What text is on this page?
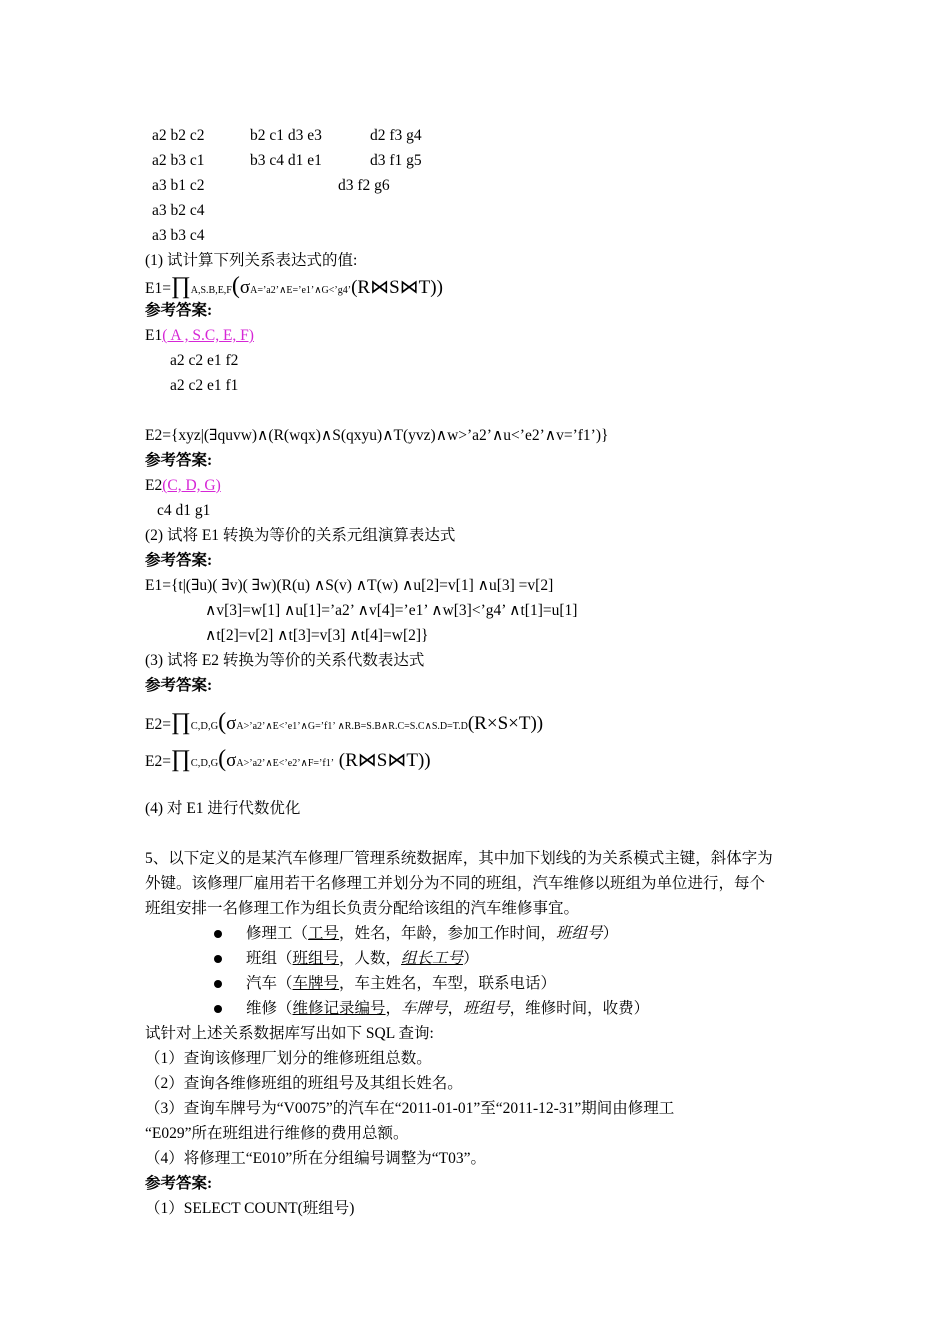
a2 b2 c2
a2 b3 c1
a3 b1 c2
a3 b2 c4
a3 b3 c4
b2 c1 d3 e3
b3 c4 d1 e1
d2 f3 g4
d3 f1 g5
d3 f2 g6
(1) 试计算下列关系表达式的值:
E1=∏A,S.B,E,F(σA=’a2’∧E=’e1’∧G<’g4’(R⋈S⋈T))
参考答案:
E1( A , S.C, E, F)
a2 c2 e1 f2
a2 c2 e1 f1
E2={xyz|(∃quvw)∧(R(wqx)∧S(qxyu)∧T(yvz)∧w>’a2’∧u<’e2’∧v=’f1’)}
参考答案:
E2(C, D, G)
c4 d1 g1
(2) 试将 E1 转换为等价的关系元组演算表达式
参考答案:
E1={t|(∃u)( ∃v)( ∃w)(R(u) ∧S(v) ∧T(w) ∧u[2]=v[1] ∧u[3] =v[2]
∧v[3]=w[1] ∧u[1]=’a2’ ∧v[4]=’e1’ ∧w[3]<’g4’ ∧t[1]=u[1]
∧t[2]=v[2] ∧t[3]=v[3] ∧t[4]=w[2]}
(3) 试将 E2 转换为等价的关系代数表达式
参考答案:
E2=∏C,D,G(σA>’a2’∧E<’e1’∧G=’f1’ ∧R.B=S.B∧R.C=S.C∧S.D=T.D(R×S×T))
E2=∏C,D,G(σA>’a2’∧E<’e2’∧F=’f1’ (R⋈S⋈T))
(4) 对 E1 进行代数优化
5、以下定义的是某汽车修理厂管理系统数据库，其中加下划线的为关系模式主键，斜体字为
外键。该修理厂雇用若干名修理工并划分为不同的班组，汽车维修以班组为单位进行，每个
班组安排一名修理工作为组长负责分配给该组的汽车维修事宜。
修理工（工号，姓名，年龄，参加工作时间，班组号）
班组（班组号，人数，组长工号）
汽车（车牌号，车主姓名，车型，联系电话）
维修（维修记录编号，车牌号，班组号，维修时间，收费）
试针对上述关系数据库写出如下 SQL 查询:
（1）查询该修理厂划分的维修班组总数。
（2）查询各维修班组的班组号及其组长姓名。
（3）查询车牌号为“V0075”的汽车在“2011-01-01”至“2011-12-31”期间由修理工
“E029”所在班组进行维修的费用总额。
（4）将修理工“E010”所在分组编号调整为“T03”。
参考答案:
（1）SELECT COUNT(班组号)
